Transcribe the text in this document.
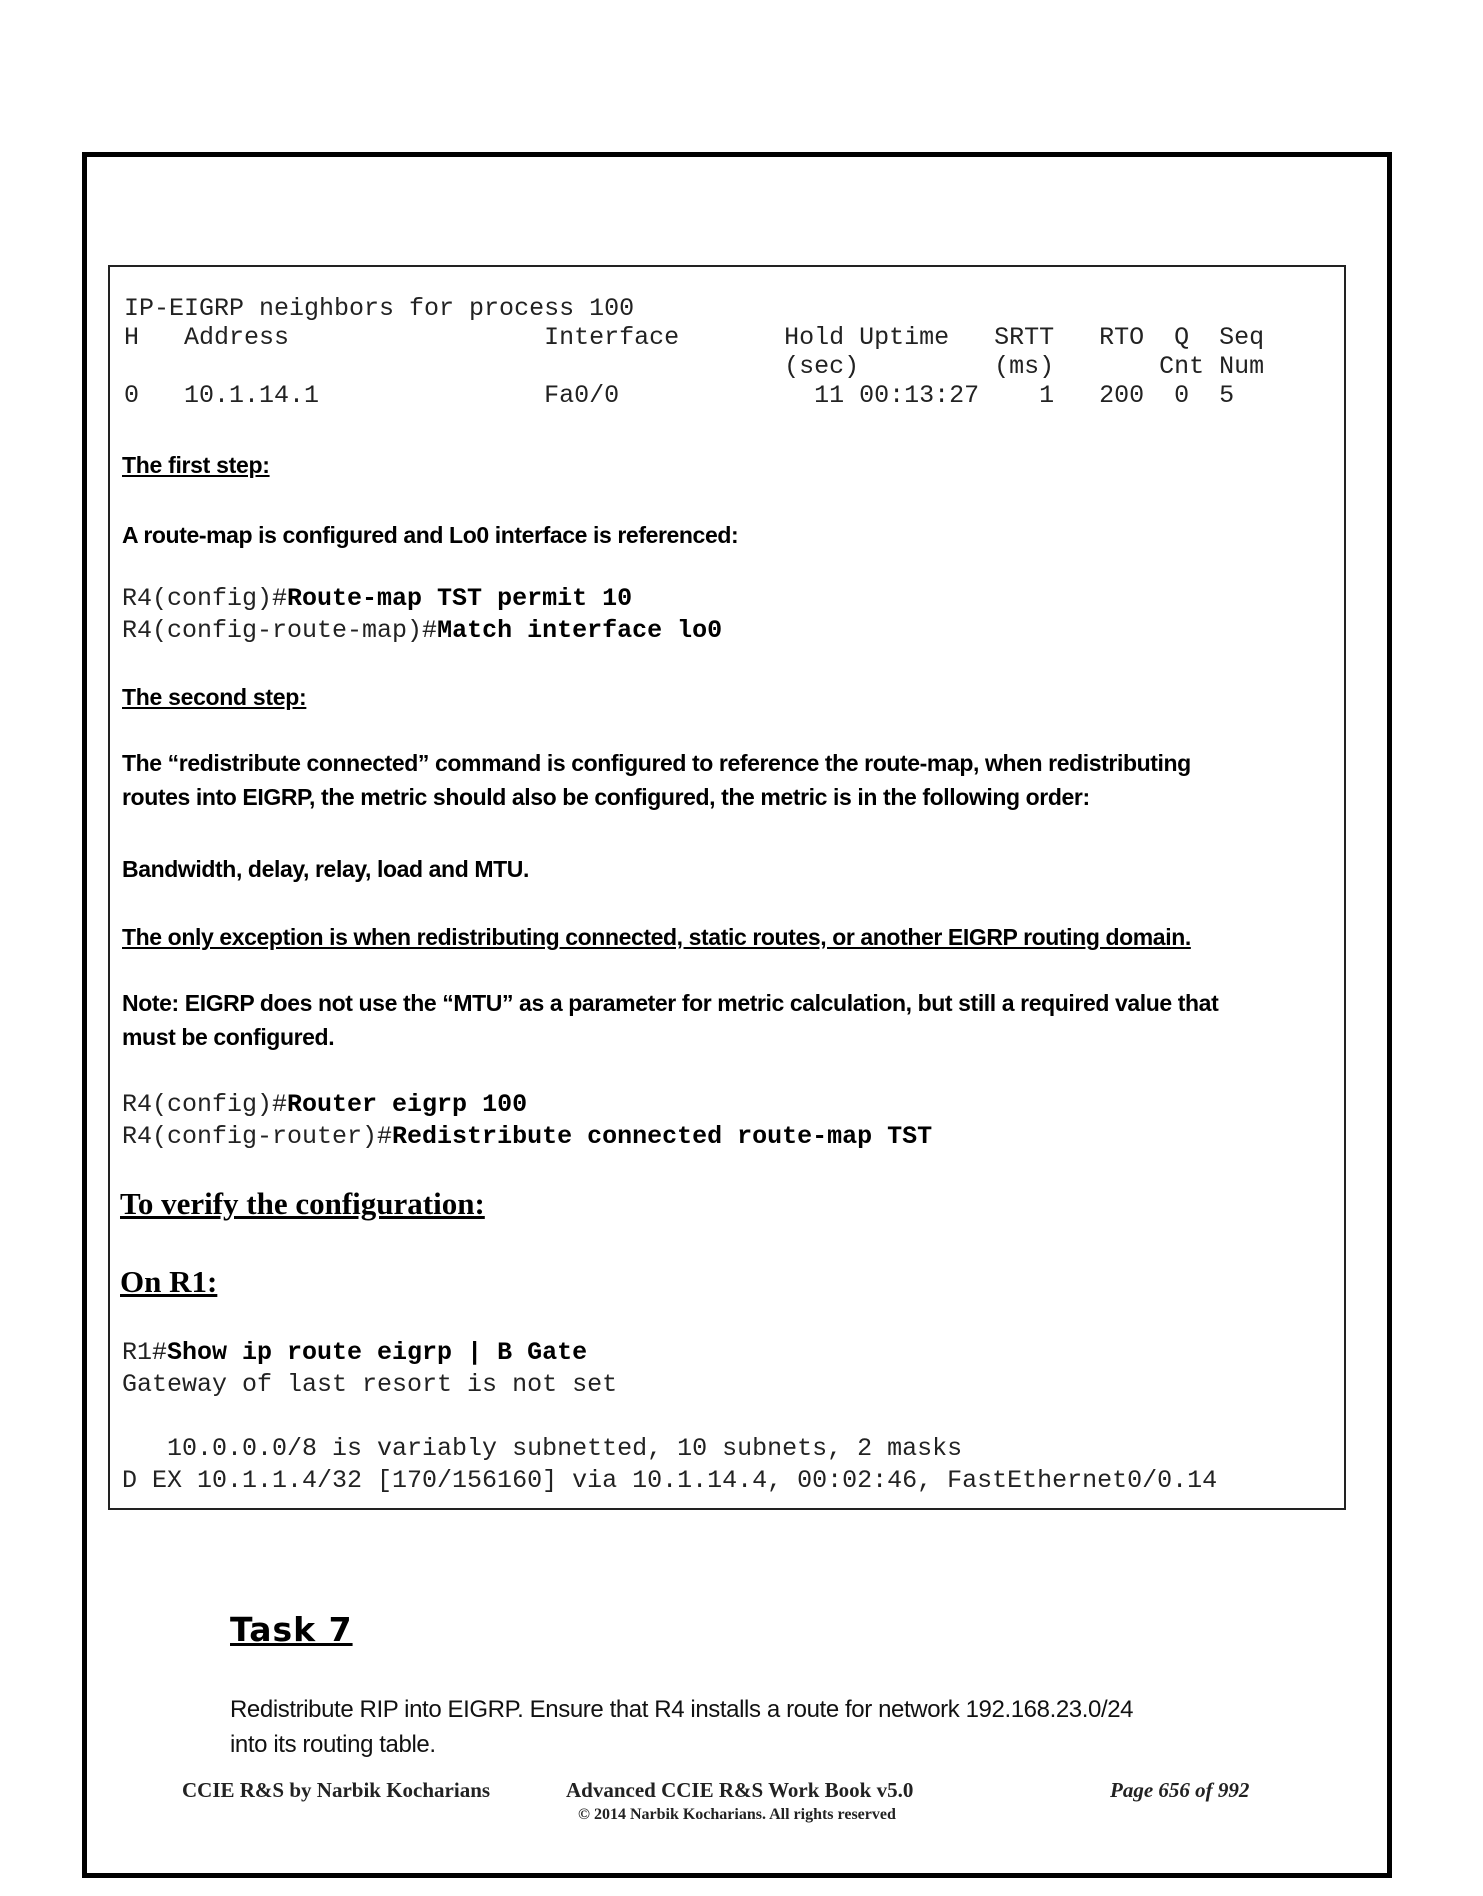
IP-EIGRP neighbors for process 100
H   Address                 Interface       Hold Uptime   SRTT   RTO  Q  Seq
(sec)         (ms)       Cnt Num
0   10.1.14.1               Fa0/0             11 00:13:27    1   200  0  5
The first step:
A route-map is configured and Lo0 interface is referenced:
R4(config)#Route-map TST permit 10
R4(config-route-map)#Match interface lo0
The second step:
The “redistribute connected” command is configured to reference the route-map, when redistributing
routes into EIGRP, the metric should also be configured, the metric is in the following order:
Bandwidth, delay, relay, load and MTU.
The only exception is when redistributing connected, static routes, or another EIGRP routing domain.
Note: EIGRP does not use the “MTU” as a parameter for metric calculation, but still a required value that
must be configured.
R4(config)#Router eigrp 100
R4(config-router)#Redistribute connected route-map TST
To verify the configuration:
On R1:
R1#Show ip route eigrp | B Gate
Gateway of last resort is not set
10.0.0.0/8 is variably subnetted, 10 subnets, 2 masks
D EX 10.1.1.4/32 [170/156160] via 10.1.14.4, 00:02:46, FastEthernet0/0.14
Task 7
Redistribute RIP into EIGRP. Ensure that R4 installs a route for network 192.168.23.0/24
into its routing table.
CCIE R&S by Narbik Kocharians	Advanced CCIE R&S Work Book v5.0
© 2014 Narbik Kocharians. All rights reserved
Page 656 of 992
